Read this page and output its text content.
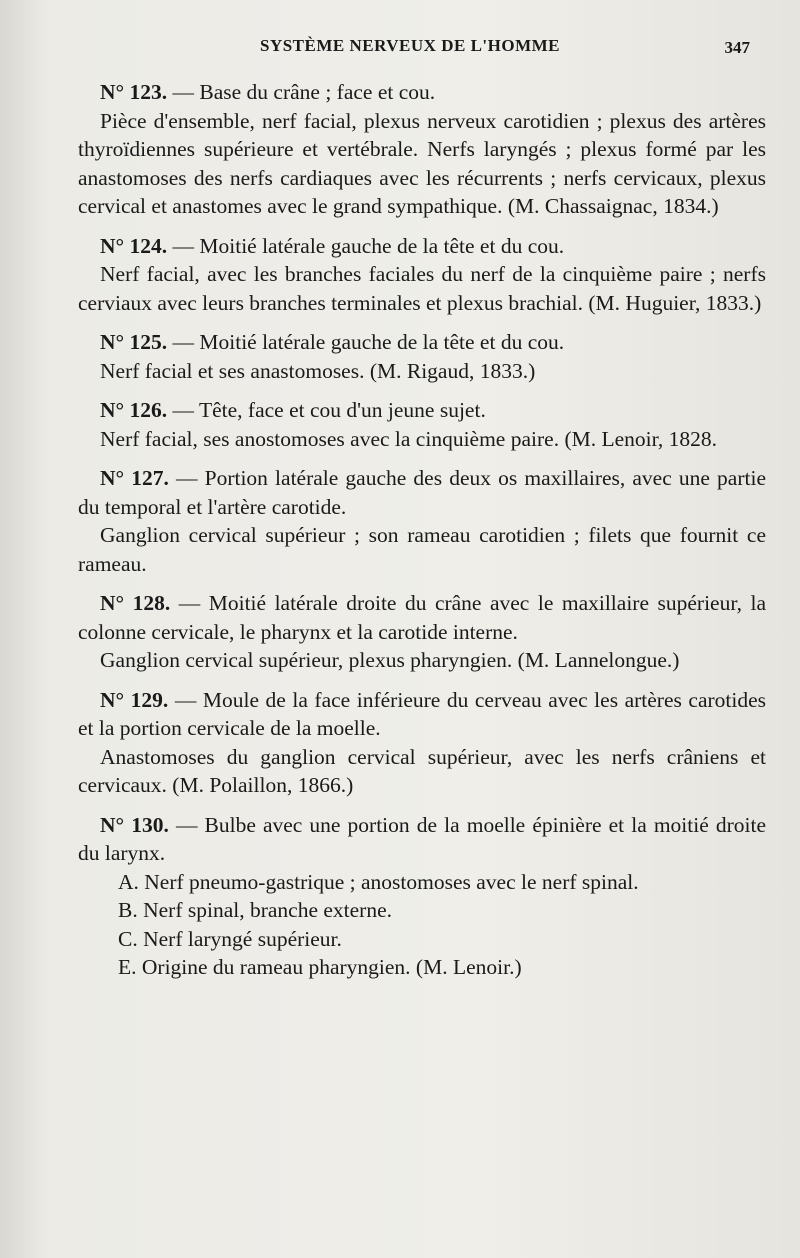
SYSTÈME NERVEUX DE L'HOMME	347
N° 123. — Base du crâne ; face et cou.
Pièce d'ensemble, nerf facial, plexus nerveux carotidien ; plexus des artères thyroïdiennes supérieure et vertébrale. Nerfs laryngés ; plexus formé par les anastomoses des nerfs cardiaques avec les récurrents ; nerfs cervicaux, plexus cervical et anastomes avec le grand sympathique. (M. Chassaignac, 1834.)
N° 124. — Moitié latérale gauche de la tête et du cou.
Nerf facial, avec les branches faciales du nerf de la cinquième paire ; nerfs cerviaux avec leurs branches terminales et plexus brachial. (M. Huguier, 1833.)
N° 125. — Moitié latérale gauche de la tête et du cou.
Nerf facial et ses anastomoses. (M. Rigaud, 1833.)
N° 126. — Tête, face et cou d'un jeune sujet.
Nerf facial, ses anostomoses avec la cinquième paire. (M. Lenoir, 1828.
N° 127. — Portion latérale gauche des deux os maxillaires, avec une partie du temporal et l'artère carotide.
Ganglion cervical supérieur ; son rameau carotidien ; filets que fournit ce rameau.
N° 128. — Moitié latérale droite du crâne avec le maxillaire supérieur, la colonne cervicale, le pharynx et la carotide interne.
Ganglion cervical supérieur, plexus pharyngien. (M. Lannelongue.)
N° 129. — Moule de la face inférieure du cerveau avec les artères carotides et la portion cervicale de la moelle.
Anastomoses du ganglion cervical supérieur, avec les nerfs crâniens et cervicaux. (M. Polaillon, 1866.)
N° 130. — Bulbe avec une portion de la moelle épinière et la moitié droite du larynx.
A. Nerf pneumo-gastrique ; anostomoses avec le nerf spinal.
B. Nerf spinal, branche externe.
C. Nerf laryngé supérieur.
E. Origine du rameau pharyngien. (M. Lenoir.)
